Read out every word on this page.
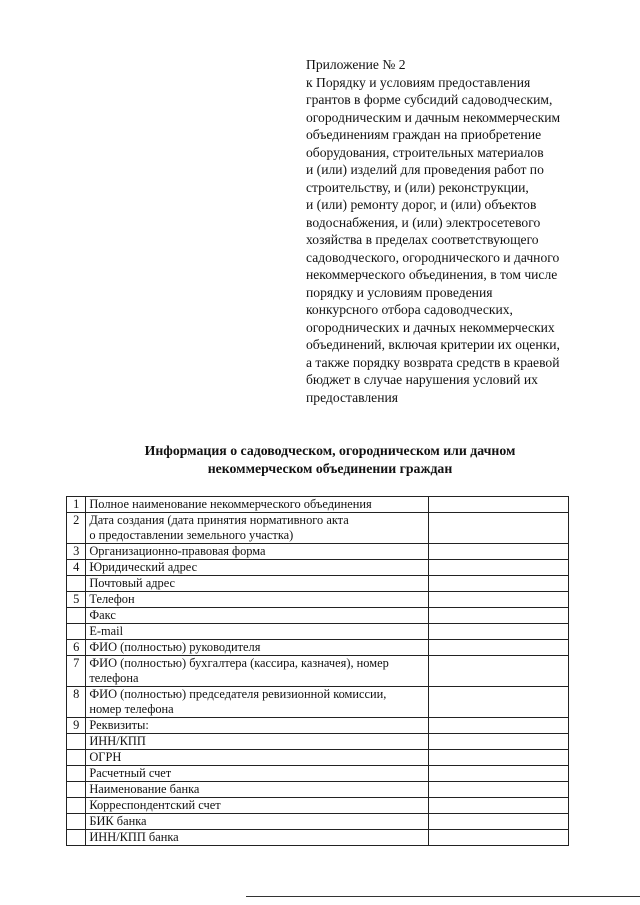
Приложение № 2
к Порядку и условиям предоставления
грантов в форме субсидий садоводческим,
огородническим и дачным некоммерческим
объединениям граждан на приобретение
оборудования, строительных материалов
и (или) изделий для проведения работ по
строительству, и (или) реконструкции,
и (или) ремонту дорог, и (или) объектов
водоснабжения, и (или) электросетевого
хозяйства в пределах соответствующего
садоводческого, огороднического и дачного
некоммерческого объединения, в том числе
порядку и условиям проведения
конкурсного отбора садоводческих,
огороднических и дачных некоммерческих
объединений, включая критерии их оценки,
а также порядку возврата средств в краевой
бюджет в случае нарушения условий их
предоставления
Информация о садоводческом, огородническом или дачном
некоммерческом объединении граждан
1	Полное наименование некоммерческого объединения	

2	Дата создания (дата принятия нормативного акта
о предоставлении земельного участка)	

3	Организационно-правовая форма	

4	Юридический адрес	

	Почтовый адрес	

5	Телефон	

	Факс	

	E-mail	

6	ФИО (полностью) руководителя	

7	ФИО (полностью) бухгалтера (кассира, казначея), номер
телефона	

8	ФИО (полностью) председателя ревизионной комиссии,
номер телефона	

9	Реквизиты:	

	ИНН/КПП	

	ОГРН	

	Расчетный счет	

	Наименование банка	

	Корреспондентский счет	

	БИК банка	

	ИНН/КПП банка	
